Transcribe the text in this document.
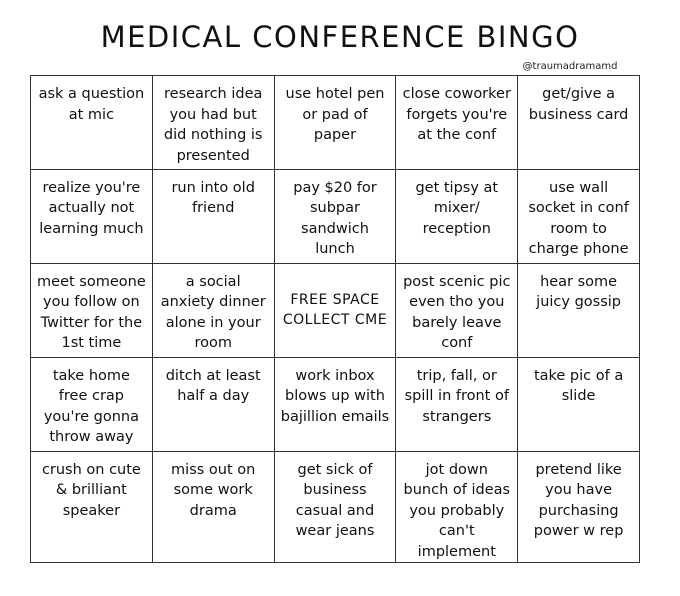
MEDICAL CONFERENCE BINGO
@traumadramamd
ask a question at mic
research idea you had but did nothing is presented
use hotel pen or pad of paper
close coworker forgets you're at the conf
get/give a business card
realize you're actually not learning much
run into old friend
pay $20 for subpar sandwich lunch
get tipsy at mixer/ reception
use wall socket in conf room to charge phone
meet someone you follow on Twitter for the 1st time
a social anxiety dinner alone in your room
FREE SPACE COLLECT CME
post scenic pic even tho you barely leave conf
hear some juicy gossip
take home free crap you're gonna throw away
ditch at least half a day
work inbox blows up with bajillion emails
trip, fall, or spill in front of strangers
take pic of a slide
crush on cute & brilliant speaker
miss out on some work drama
get sick of business casual and wear jeans
jot down bunch of ideas you probably can't implement
pretend like you have purchasing power w rep
